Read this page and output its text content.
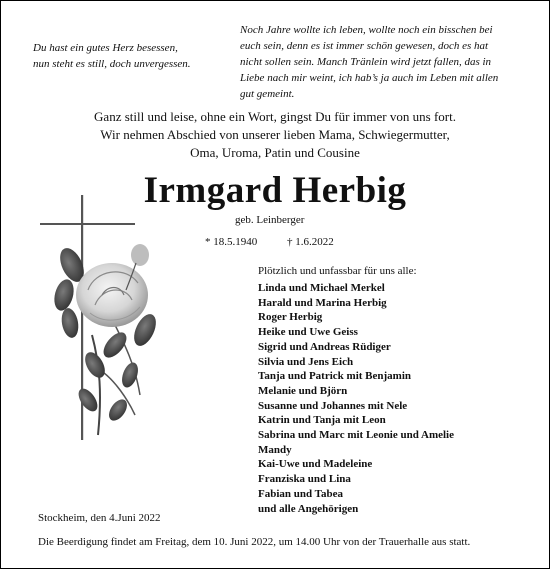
Du hast ein gutes Herz besessen,
nun steht es still, doch unvergessen.
Noch Jahre wollte ich leben, wollte noch ein bisschen bei
euch sein, denn es ist immer schön gewesen, doch es hat
nicht sollen sein. Manch Tränlein wird jetzt fallen, das in
Liebe nach mir weint, ich hab’s ja auch im Leben mit allen
gut gemeint.
Ganz still und leise, ohne ein Wort, gingst Du für immer von uns fort.
Wir nehmen Abschied von unserer lieben Mama, Schwiegermutter,
Oma, Uroma, Patin und Cousine
Irmgard Herbig
geb. Leinberger
* 18.5.1940	† 1.6.2022
Plötzlich und unfassbar für uns alle:
Linda und Michael Merkel
Harald und Marina Herbig
Roger Herbig
Heike und Uwe Geiss
Sigrid und Andreas Rüdiger
Silvia und Jens Eich
Tanja und Patrick mit Benjamin
Melanie und Björn
Susanne und Johannes mit Nele
Katrin und Tanja mit Leon
Sabrina und Marc mit Leonie und Amelie
Mandy
Kai-Uwe und Madeleine
Franziska und Lina
Fabian und Tabea
und alle Angehörigen
Stockheim, den 4.Juni 2022
Die Beerdigung findet am Freitag, dem 10. Juni 2022, um 14.00 Uhr von der Trauerhalle aus statt.
